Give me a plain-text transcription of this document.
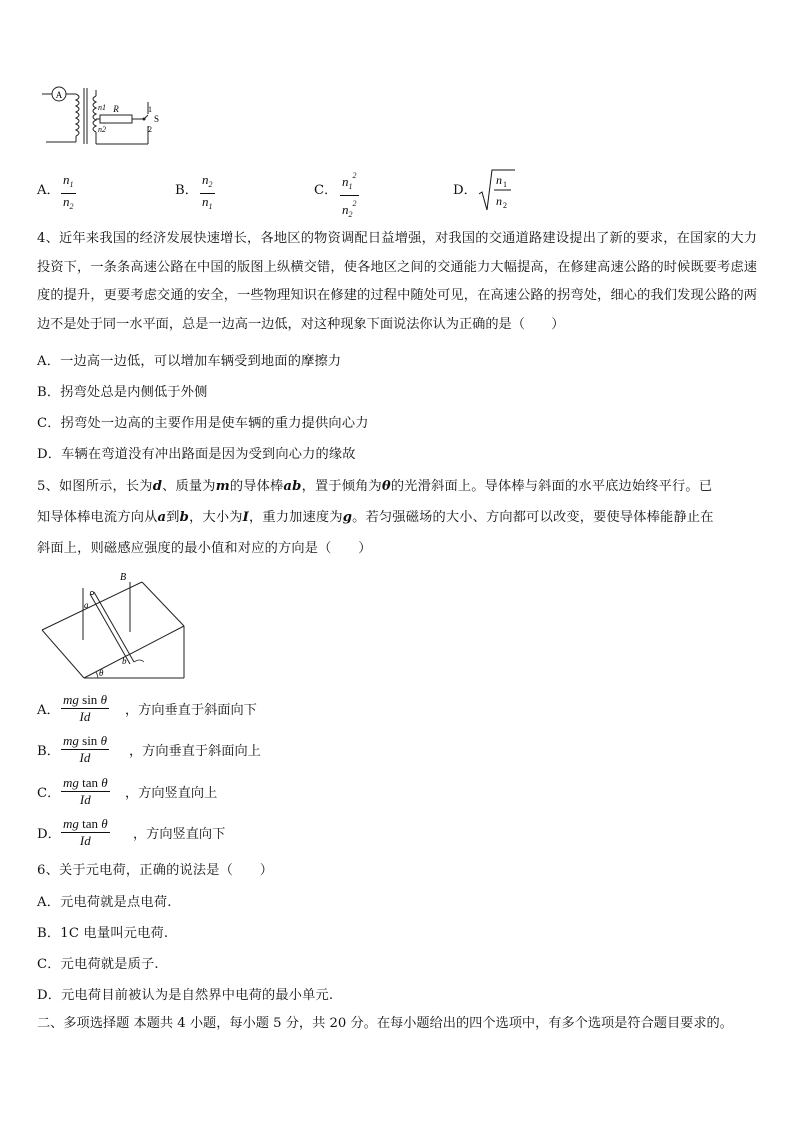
A
n1
n2
R
S
1
2
A．
$n_1$
$n_2$
B．
$n_2$
$n_1$
C．
$n_1^2$
$n_2^2$
D．
n 1
n 2
4、近年来我国的经济发展快速增长，各地区的物资调配日益增强，对我国的交通道路建设提出了新的要求，在国家的大力投资下，一条条高速公路在中国的版图上纵横交错，使各地区之间的交通能力大幅提高，在修建高速公路的时候既要考虑速度的提升，更要考虑交通的安全，一些物理知识在修建的过程中随处可见，在高速公路的拐弯处，细心的我们发现公路的两边不是处于同一水平面，总是一边高一边低，对这种现象下面说法你认为正确的是（　　）
A．一边高一边低，可以增加车辆受到地面的摩擦力
B．拐弯处总是内侧低于外侧
C．拐弯处一边高的主要作用是使车辆的重力提供向心力
D．车辆在弯道没有冲出路面是因为受到向心力的缘故
5、如图所示，长为d、质量为m的导体棒ab，置于倾角为θ的光滑斜面上。导体棒与斜面的水平底边始终平行。已
知导体棒电流方向从a到b，大小为I，重力加速度为g。若匀强磁场的大小、方向都可以改变，要使导体棒能静止在
斜面上，则磁感应强度的最小值和对应的方向是（　　）
θ
B
a
b
A．
mg sin θ
Id	，方向垂直于斜面向下
B．
mg sin θ
Id	，方向垂直于斜面向上
C．
mg tan θ
Id	，方向竖直向上
D．
mg tan θ
Id	，方向竖直向下
6、关于元电荷，正确的说法是（　　）
A．元电荷就是点电荷.
B．1C 电量叫元电荷.
C．元电荷就是质子.
D．元电荷目前被认为是自然界中电荷的最小单元.
二、多项选择题 本题共 4 小题，每小题 5 分，共 20 分。在每小题给出的四个选项中，有多个选项是符合题目要求的。
